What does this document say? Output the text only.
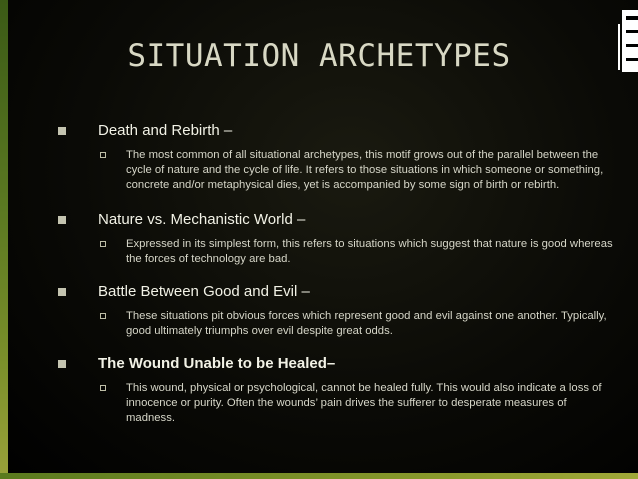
SITUATION ARCHETYPES
Death and Rebirth –
The most common of all situational archetypes, this motif grows out of the parallel between the cycle of nature and the cycle of life. It refers to those situations in which someone or something, concrete and/or metaphysical dies, yet is accompanied by some sign of birth or rebirth.
Nature vs. Mechanistic World –
Expressed in its simplest form, this refers to situations which suggest that nature is good whereas the forces of technology are bad.
Battle Between Good and Evil –
These situations pit obvious forces which represent good and evil against one another. Typically, good ultimately triumphs over evil despite great odds.
The Wound Unable to be Healed–
This wound, physical or psychological, cannot be healed fully. This would also indicate a loss of innocence or purity. Often the wounds’ pain drives the sufferer to desperate measures of madness.
